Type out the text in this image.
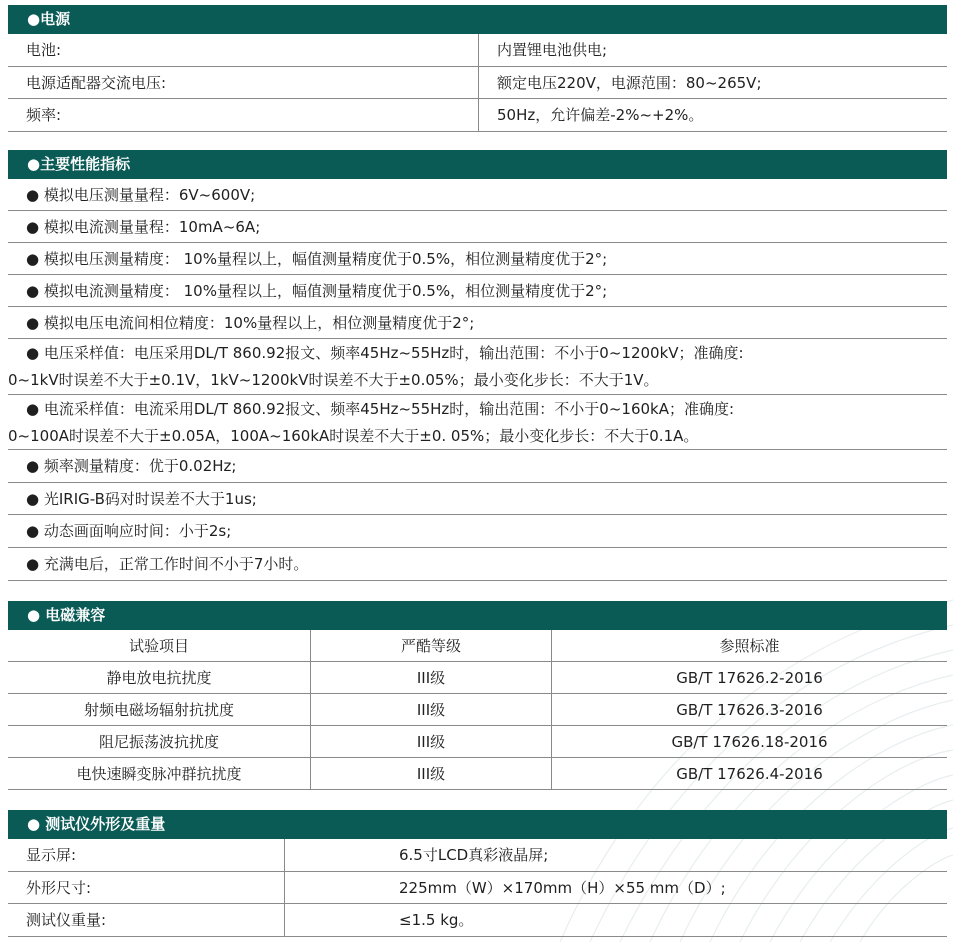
●电源
电池:	内置锂电池供电;
电源适配器交流电压:	额定电压220V，电源范围：80~265V;
频率:	50Hz，允许偏差-2%~+2%。
●主要性能指标
● 模拟电压测量量程：6V~600V;
● 模拟电流测量量程：10mA~6A;
● 模拟电压测量精度： 10%量程以上，幅值测量精度优于0.5%，相位测量精度优于2°;
● 模拟电流测量精度： 10%量程以上，幅值测量精度优于0.5%，相位测量精度优于2°;
● 模拟电压电流间相位精度：10%量程以上，相位测量精度优于2°;
● 电压采样值：电压采用DL/T 860.92报文、频率45Hz~55Hz时，输出范围：不小于0~1200kV；准确度:
0~1kV时误差不大于±0.1V，1kV~1200kV时误差不大于±0.05%；最小变化步长：不大于1V。
● 电流采样值：电流采用DL/T 860.92报文、频率45Hz~55Hz时，输出范围：不小于0~160kA；准确度:
0~100A时误差不大于±0.05A，100A~160kA时误差不大于±0. 05%；最小变化步长：不大于0.1A。
● 频率测量精度：优于0.02Hz;
● 光IRIG-B码对时误差不大于1us;
● 动态画面响应时间：小于2s;
● 充满电后，正常工作时间不小于7小时。
● 电磁兼容
试验项目	严酷等级	参照标准
静电放电抗扰度	III级	GB/T 17626.2-2016
射频电磁场辐射抗扰度	III级	GB/T 17626.3-2016
阻尼振荡波抗扰度	III级	GB/T 17626.18-2016
电快速瞬变脉冲群抗扰度	III级	GB/T 17626.4-2016
● 测试仪外形及重量
显示屏:	6.5寸LCD真彩液晶屏;
外形尺寸:	225mm（W）×170mm（H）×55 mm（D）;
测试仪重量:	≤1.5 kg。
